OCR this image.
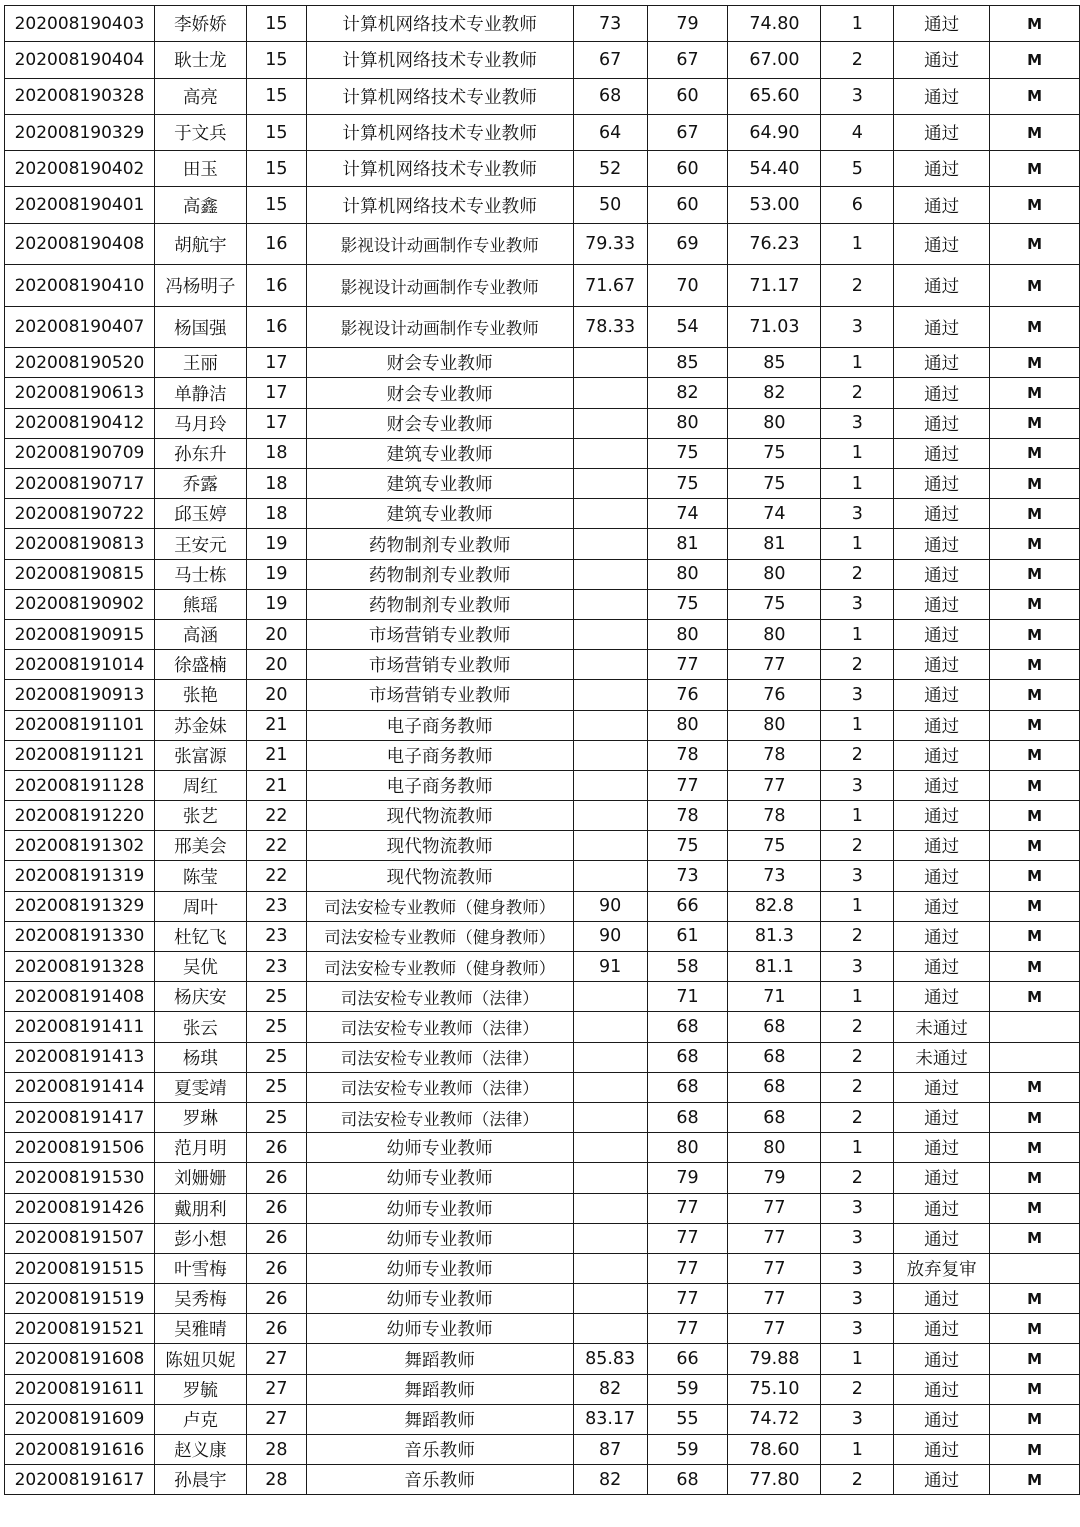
202008190403	李娇娇	15	计算机网络技术专业教师	73	79	74.80	1	通过	M
202008190404	耿士龙	15	计算机网络技术专业教师	67	67	67.00	2	通过	M
202008190328	高亮	15	计算机网络技术专业教师	68	60	65.60	3	通过	M
202008190329	于文兵	15	计算机网络技术专业教师	64	67	64.90	4	通过	M
202008190402	田玉	15	计算机网络技术专业教师	52	60	54.40	5	通过	M
202008190401	高鑫	15	计算机网络技术专业教师	50	60	53.00	6	通过	M
202008190408	胡航宇	16	影视设计动画制作专业教师	79.33	69	76.23	1	通过	M
202008190410	冯杨明子	16	影视设计动画制作专业教师	71.67	70	71.17	2	通过	M
202008190407	杨国强	16	影视设计动画制作专业教师	78.33	54	71.03	3	通过	M
202008190520	王丽	17	财会专业教师		85	85	1	通过	M
202008190613	单静洁	17	财会专业教师		82	82	2	通过	M
202008190412	马月玲	17	财会专业教师		80	80	3	通过	M
202008190709	孙东升	18	建筑专业教师		75	75	1	通过	M
202008190717	乔露	18	建筑专业教师		75	75	1	通过	M
202008190722	邱玉婷	18	建筑专业教师		74	74	3	通过	M
202008190813	王安元	19	药物制剂专业教师		81	81	1	通过	M
202008190815	马士栋	19	药物制剂专业教师		80	80	2	通过	M
202008190902	熊瑶	19	药物制剂专业教师		75	75	3	通过	M
202008190915	高涵	20	市场营销专业教师		80	80	1	通过	M
202008191014	徐盛楠	20	市场营销专业教师		77	77	2	通过	M
202008190913	张艳	20	市场营销专业教师		76	76	3	通过	M
202008191101	苏金妹	21	电子商务教师		80	80	1	通过	M
202008191121	张富源	21	电子商务教师		78	78	2	通过	M
202008191128	周红	21	电子商务教师		77	77	3	通过	M
202008191220	张艺	22	现代物流教师		78	78	1	通过	M
202008191302	邢美会	22	现代物流教师		75	75	2	通过	M
202008191319	陈莹	22	现代物流教师		73	73	3	通过	M
202008191329	周叶	23	司法安检专业教师（健身教师）	90	66	82.8	1	通过	M
202008191330	杜钇飞	23	司法安检专业教师（健身教师）	90	61	81.3	2	通过	M
202008191328	吴优	23	司法安检专业教师（健身教师）	91	58	81.1	3	通过	M
202008191408	杨庆安	25	司法安检专业教师（法律）		71	71	1	通过	M
202008191411	张云	25	司法安检专业教师（法律）		68	68	2	未通过	
202008191413	杨琪	25	司法安检专业教师（法律）		68	68	2	未通过	
202008191414	夏雯靖	25	司法安检专业教师（法律）		68	68	2	通过	M
202008191417	罗琳	25	司法安检专业教师（法律）		68	68	2	通过	M
202008191506	范月明	26	幼师专业教师		80	80	1	通过	M
202008191530	刘姗姗	26	幼师专业教师		79	79	2	通过	M
202008191426	戴朋利	26	幼师专业教师		77	77	3	通过	M
202008191507	彭小想	26	幼师专业教师		77	77	3	通过	M
202008191515	叶雪梅	26	幼师专业教师		77	77	3	放弃复审	
202008191519	吴秀梅	26	幼师专业教师		77	77	3	通过	M
202008191521	吴雅晴	26	幼师专业教师		77	77	3	通过	M
202008191608	陈妞贝妮	27	舞蹈教师	85.83	66	79.88	1	通过	M
202008191611	罗毓	27	舞蹈教师	82	59	75.10	2	通过	M
202008191609	卢克	27	舞蹈教师	83.17	55	74.72	3	通过	M
202008191616	赵义康	28	音乐教师	87	59	78.60	1	通过	M
202008191617	孙晨宇	28	音乐教师	82	68	77.80	2	通过	M
